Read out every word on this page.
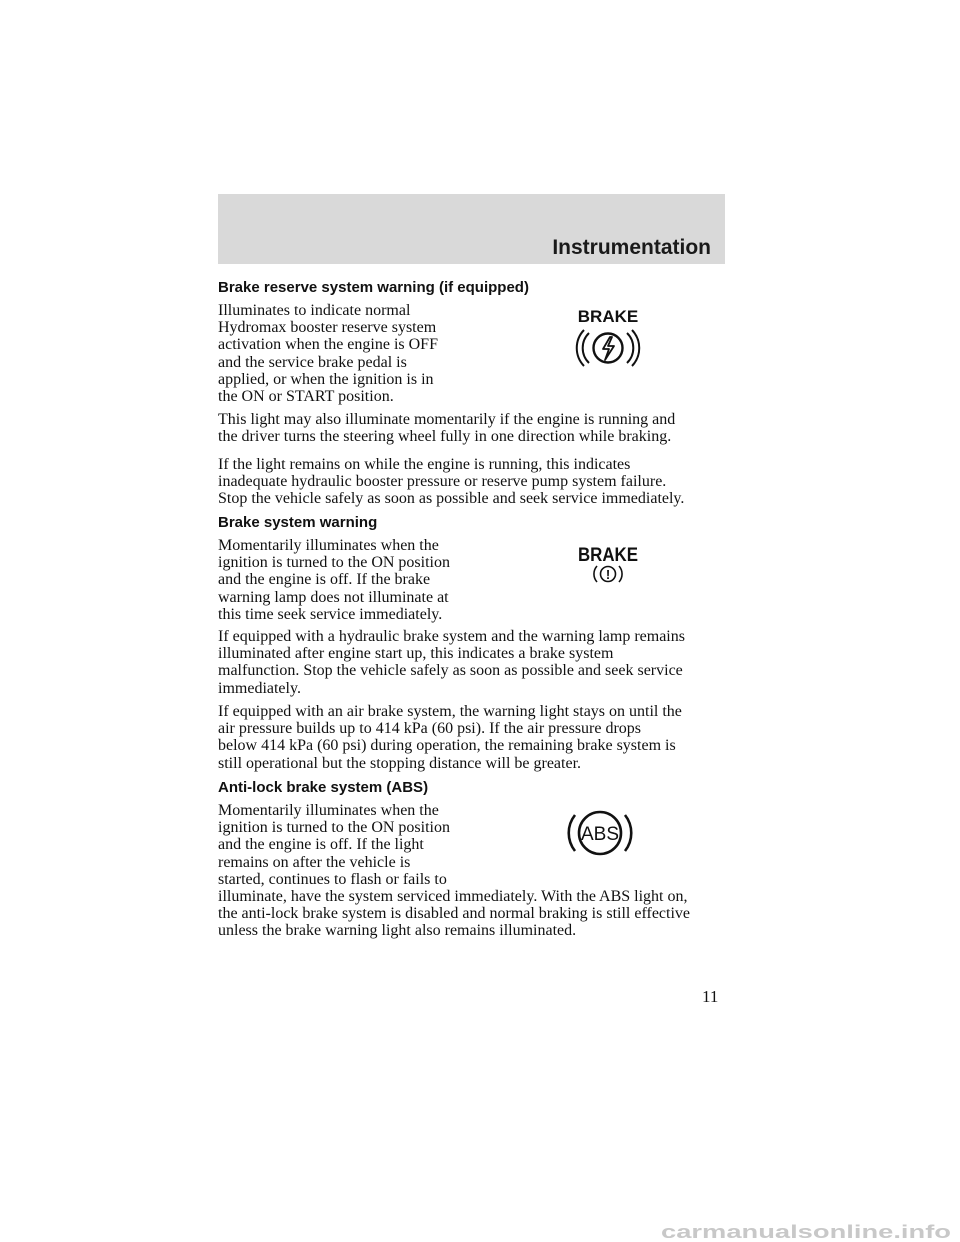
Instrumentation
Brake reserve system warning (if equipped)
Illuminates to indicate normal
Hydromax booster reserve system
activation when the engine is OFF
and the service brake pedal is
applied, or when the ignition is in
the ON or START position.
BRAKE
This light may also illuminate momentarily if the engine is running and
the driver turns the steering wheel fully in one direction while braking.
If the light remains on while the engine is running, this indicates
inadequate hydraulic booster pressure or reserve pump system failure.
Stop the vehicle safely as soon as possible and seek service immediately.
Brake system warning
Momentarily illuminates when the
ignition is turned to the ON position
and the engine is off. If the brake
warning lamp does not illuminate at
this time seek service immediately.
BRAKE
!
If equipped with a hydraulic brake system and the warning lamp remains
illuminated after engine start up, this indicates a brake system
malfunction. Stop the vehicle safely as soon as possible and seek service
immediately.
If equipped with an air brake system, the warning light stays on until the
air pressure builds up to 414 kPa (60 psi). If the air pressure drops
below 414 kPa (60 psi) during operation, the remaining brake system is
still operational but the stopping distance will be greater.
Anti-lock brake system (ABS)
Momentarily illuminates when the
ignition is turned to the ON position
and the engine is off. If the light
remains on after the vehicle is
started, continues to flash or fails to
illuminate, have the system serviced immediately. With the ABS light on,
the anti-lock brake system is disabled and normal braking is still effective
unless the brake warning light also remains illuminated.
ABS
11
carmanualsonline.info
